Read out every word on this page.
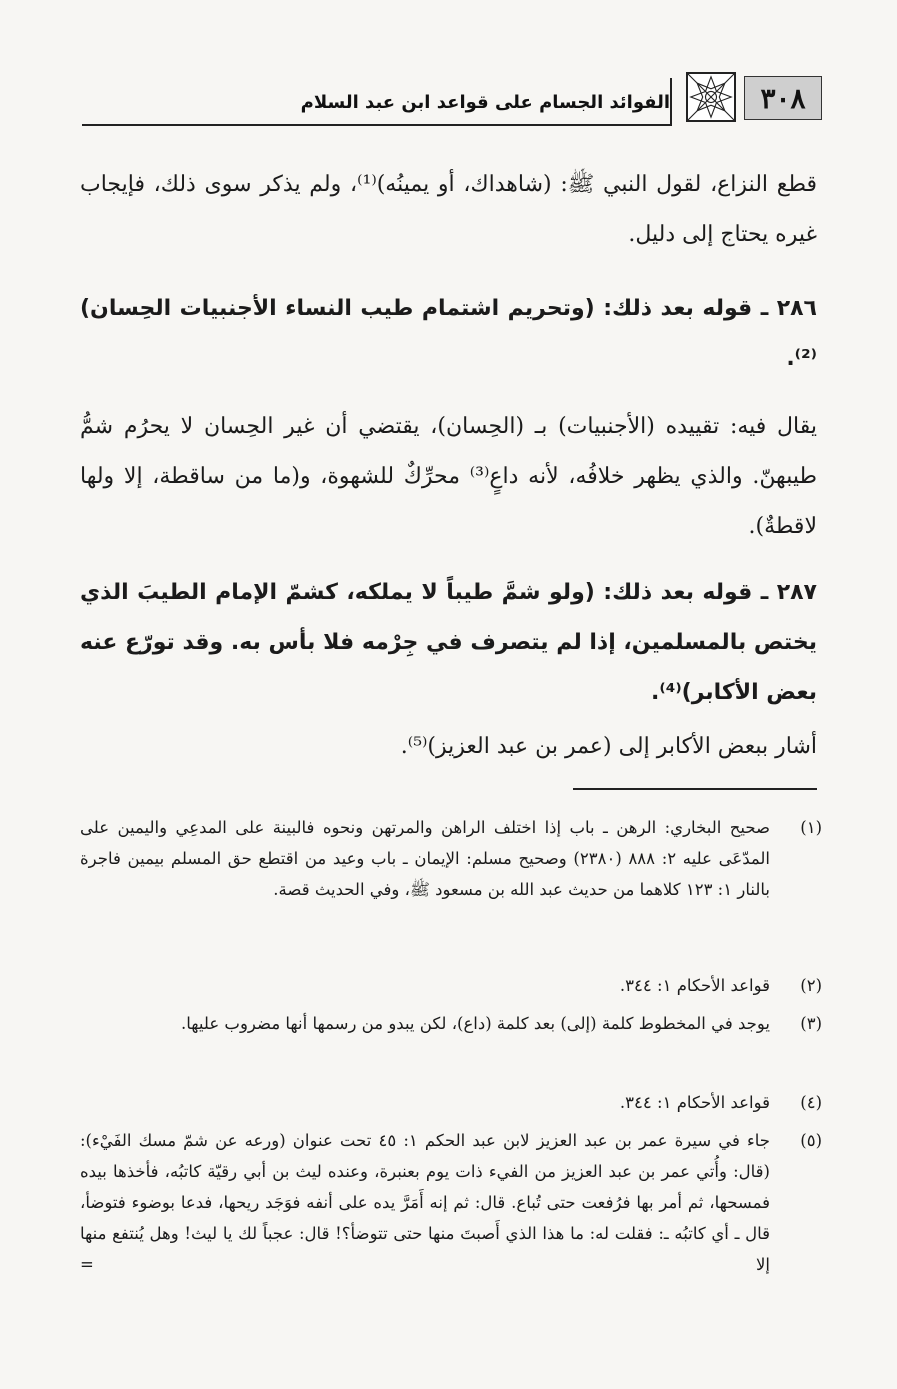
٣٠٨
الفوائد الجسام على قواعد ابن عبد السلام
قطع النزاع، لقول النبي ﷺ: (شاهداك، أو يمينُه)⁽¹⁾، ولم يذكر سوى ذلك، فإيجاب غيره يحتاج إلى دليل.
٢٨٦ ـ قوله بعد ذلك: (وتحريم اشتمام طيب النساء الأجنبيات الحِسان)⁽²⁾.
يقال فيه: تقييده (الأجنبيات) بـ (الحِسان)، يقتضي أن غير الحِسان لا يحرُم شمُّ طيبهنّ. والذي يظهر خلافُه، لأنه داعٍ⁽³⁾ محرِّكٌ للشهوة، و(ما من ساقطة، إلا ولها لاقطةٌ).
٢٨٧ ـ قوله بعد ذلك: (ولو شمَّ طيباً لا يملكه، كشمّ الإمام الطيبَ الذي يختص بالمسلمين، إذا لم يتصرف في جِرْمه فلا بأس به. وقد تورّع عنه بعض الأكابر)⁽⁴⁾.
أشار ببعض الأكابر إلى (عمر بن عبد العزيز)⁽⁵⁾.
(١)
صحيح البخاري: الرهن ـ باب إذا اختلف الراهن والمرتهن ونحوه فالبينة على المدعِي واليمين على المدّعَى عليه ٢: ٨٨٨ (٢٣٨٠) وصحيح مسلم: الإيمان ـ باب وعيد من اقتطع حق المسلم بيمين فاجرة بالنار ١: ١٢٣ كلاهما من حديث عبد الله بن مسعود ﷺ، وفي الحديث قصة.
(٢)
قواعد الأحكام ١: ٣٤٤.
(٣)
يوجد في المخطوط كلمة (إلى) بعد كلمة (داع)، لكن يبدو من رسمها أنها مضروب عليها.
(٤)
قواعد الأحكام ١: ٣٤٤.
(٥)
جاء في سيرة عمر بن عبد العزيز لابن عبد الحكم ١: ٤٥ تحت عنوان (ورعه عن شمّ مسك الفَيْء): (قال: وأُتي عمر بن عبد العزيز من الفيء ذات يوم بعنبرة، وعنده ليث بن أبي رقيّة كاتبُه، فأخذها بيده فمسحها، ثم أمر بها فرُفعت حتى تُباع. قال: ثم إنه أَمَرَّ يده على أنفه فوَجَد ريحها، فدعا بوضوء فتوضأ، قال ـ أي كاتبُه ـ: فقلت له: ما هذا الذي أَصبتَ منها حتى تتوضأ؟! قال: عجباً لك يا ليث! وهل يُنتفع منها إلا =
